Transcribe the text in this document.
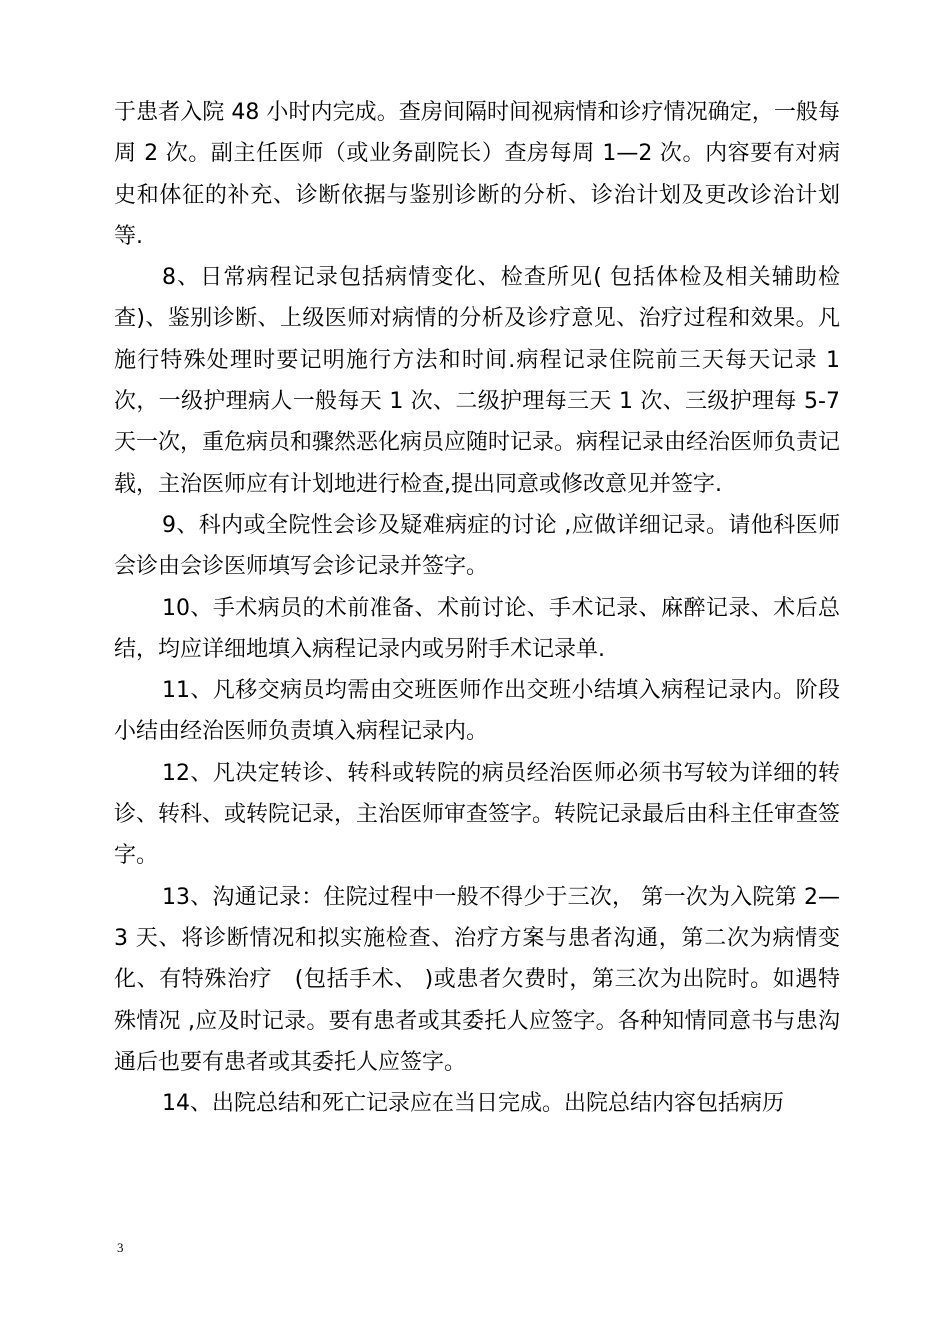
于患者入院 48 小时内完成。查房间隔时间视病情和诊疗情况确定，一般每周 2 次。副主任医师（或业务副院长）查房每周 1—2 次。内容要有对病史和体征的补充、诊断依据与鉴别诊断的分析、诊治计划及更改诊治计划等.

8、日常病程记录包括病情变化、检查所见( 包括体检及相关辅助检查)、鉴别诊断、上级医师对病情的分析及诊疗意见、治疗过程和效果。凡施行特殊处理时要记明施行方法和时间.病程记录住院前三天每天记录 1 次，一级护理病人一般每天 1 次、二级护理每三天 1 次、三级护理每 5-7 天一次，重危病员和骤然恶化病员应随时记录。病程记录由经治医师负责记载，主治医师应有计划地进行检查,提出同意或修改意见并签字.

9、科内或全院性会诊及疑难病症的讨论 ,应做详细记录。请他科医师会诊由会诊医师填写会诊记录并签字。

10、手术病员的术前准备、术前讨论、手术记录、麻醉记录、术后总结，均应详细地填入病程记录内或另附手术记录单.

11、凡移交病员均需由交班医师作出交班小结填入病程记录内。阶段小结由经治医师负责填入病程记录内。

12、凡决定转诊、转科或转院的病员经治医师必须书写较为详细的转诊、转科、或转院记录，主治医师审查签字。转院记录最后由科主任审查签字。

13、沟通记录：住院过程中一般不得少于三次， 第一次为入院第 2—3 天、将诊断情况和拟实施检查、治疗方案与患者沟通，第二次为病情变化、有特殊治疗　(包括手术、 )或患者欠费时，第三次为出院时。如遇特殊情况 ,应及时记录。要有患者或其委托人应签字。各种知情同意书与患沟通后也要有患者或其委托人应签字。

14、出院总结和死亡记录应在当日完成。出院总结内容包括病历

3
